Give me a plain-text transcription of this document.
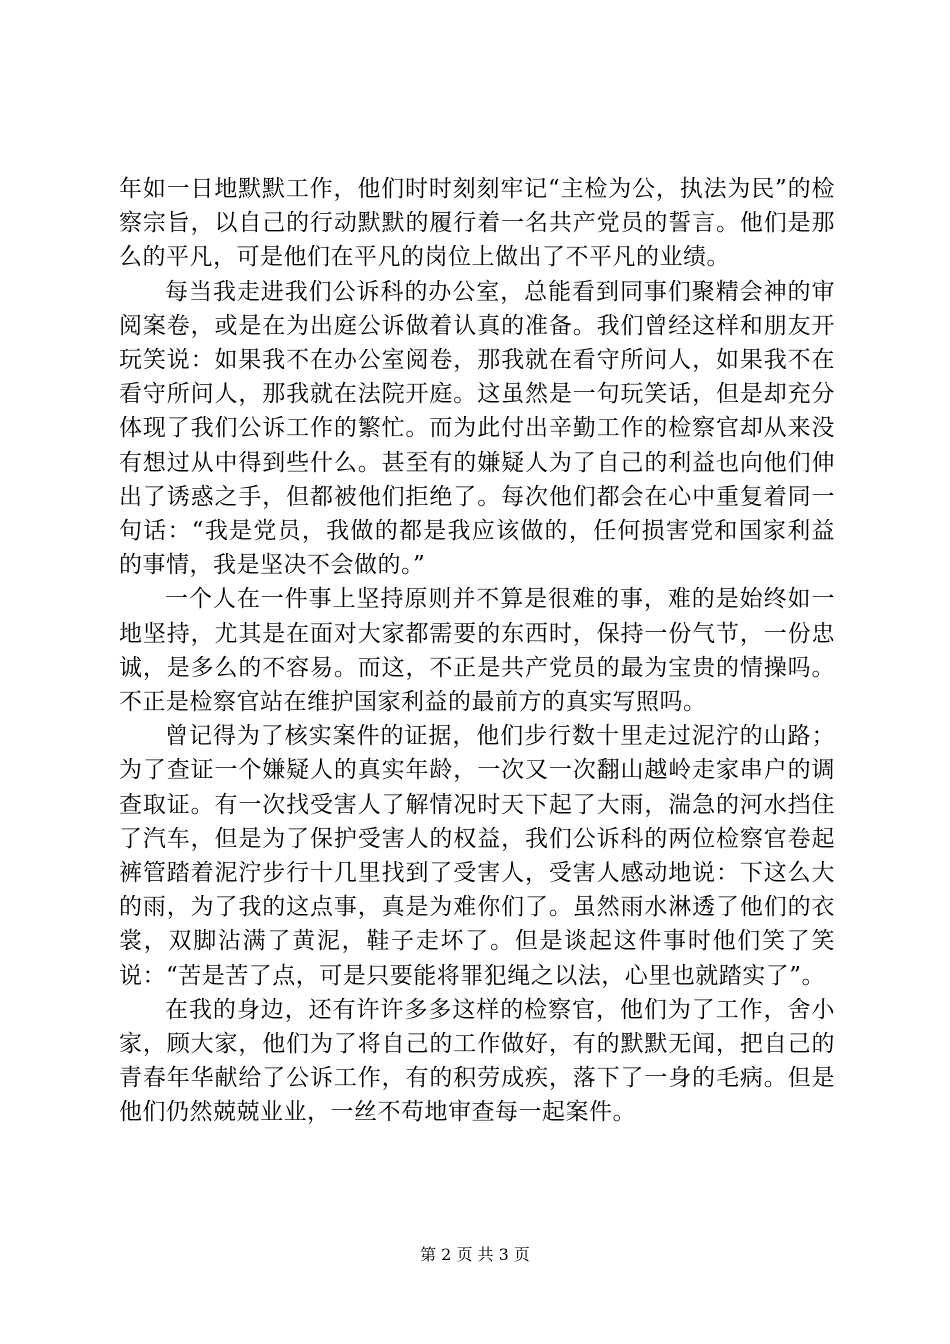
年如一日地默默工作，他们时时刻刻牢记“主检为公，执法为民”的检察宗旨，以自己的行动默默的履行着一名共产党员的誓言。他们是那么的平凡，可是他们在平凡的岗位上做出了不平凡的业绩。

每当我走进我们公诉科的办公室，总能看到同事们聚精会神的审阅案卷，或是在为出庭公诉做着认真的准备。我们曾经这样和朋友开玩笑说：如果我不在办公室阅卷，那我就在看守所问人，如果我不在看守所问人，那我就在法院开庭。这虽然是一句玩笑话，但是却充分体现了我们公诉工作的繁忙。而为此付出辛勤工作的检察官却从来没有想过从中得到些什么。甚至有的嫌疑人为了自己的利益也向他们伸出了诱惑之手，但都被他们拒绝了。每次他们都会在心中重复着同一句话：“我是党员，我做的都是我应该做的，任何损害党和国家利益的事情，我是坚决不会做的。”

一个人在一件事上坚持原则并不算是很难的事，难的是始终如一地坚持，尤其是在面对大家都需要的东西时，保持一份气节，一份忠诚，是多么的不容易。而这，不正是共产党员的最为宝贵的情操吗。不正是检察官站在维护国家利益的最前方的真实写照吗。

曾记得为了核实案件的证据，他们步行数十里走过泥泞的山路；为了查证一个嫌疑人的真实年龄，一次又一次翻山越岭走家串户的调查取证。有一次找受害人了解情况时天下起了大雨，湍急的河水挡住了汽车，但是为了保护受害人的权益，我们公诉科的两位检察官卷起裤管踏着泥泞步行十几里找到了受害人，受害人感动地说：下这么大的雨，为了我的这点事，真是为难你们了。虽然雨水淋透了他们的衣裳，双脚沾满了黄泥，鞋子走坏了。但是谈起这件事时他们笑了笑说：“苦是苦了点，可是只要能将罪犯绳之以法，心里也就踏实了”。

在我的身边，还有许许多多这样的检察官，他们为了工作，舍小家，顾大家，他们为了将自己的工作做好，有的默默无闻，把自己的青春年华献给了公诉工作，有的积劳成疾，落下了一身的毛病。但是他们仍然兢兢业业，一丝不苟地审查每一起案件。

第 2 页 共 3 页
